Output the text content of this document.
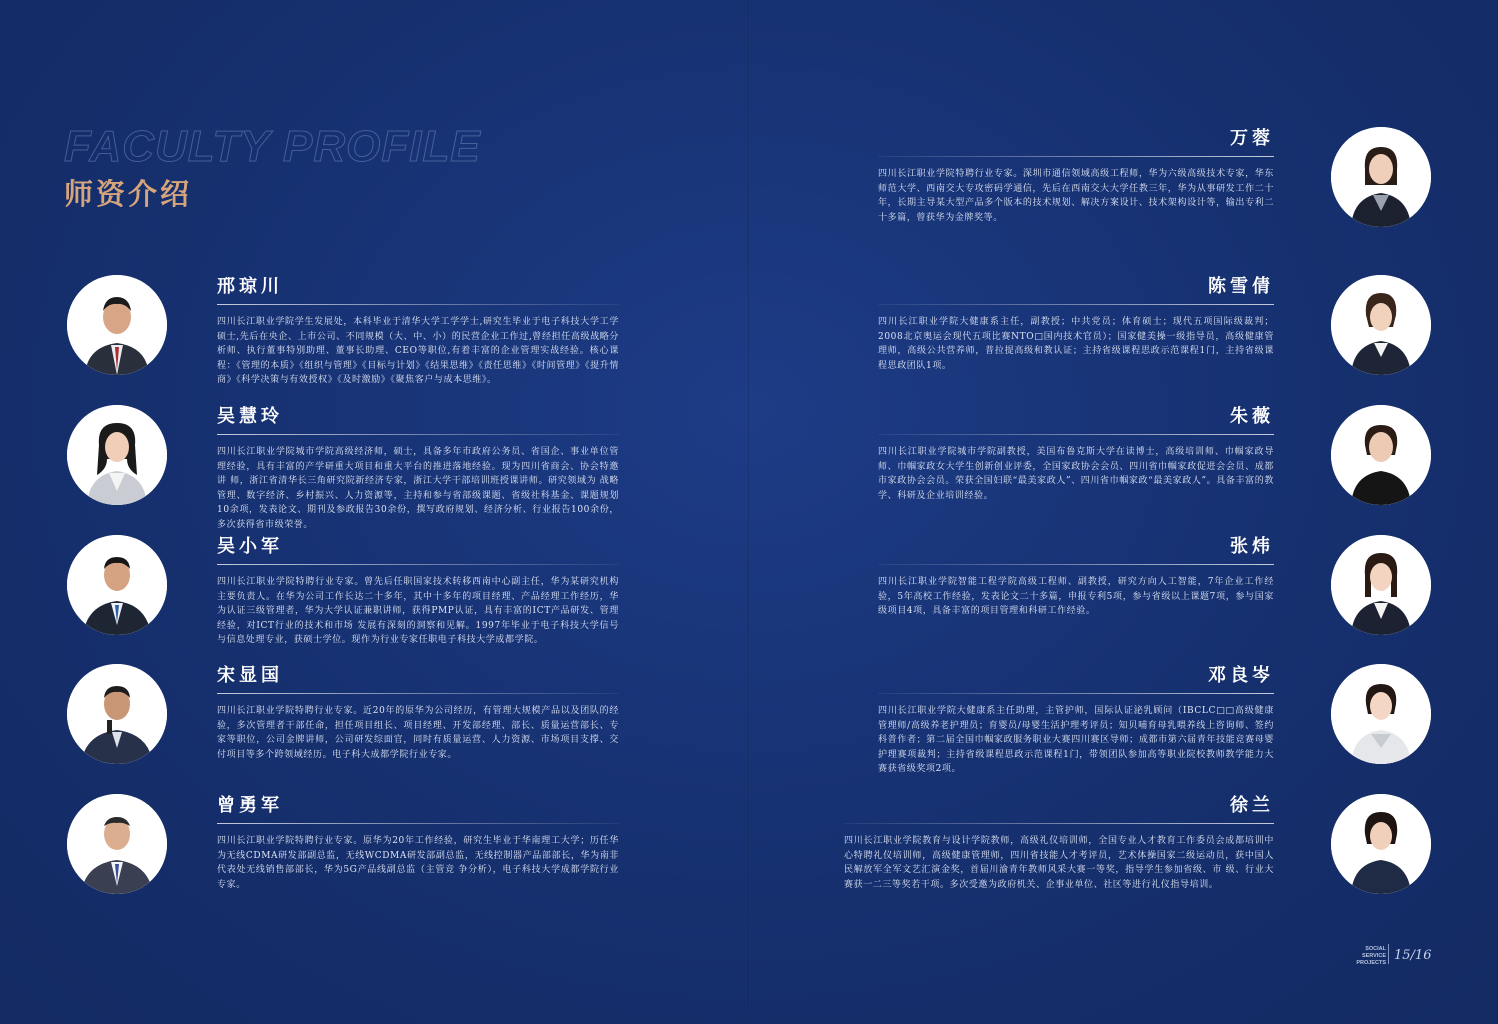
FACULTY PROFILE
师资介绍
邢琼川
四川长江职业学院学生发展处，本科毕业于清华大学工学学士,研究生毕业于电子科技大学工学硕士,先后在央企、上市公司、不同规模（大、中、小）的民营企业工作过,曾经担任高级战略分析师、执行董事特别助理、董事长助理、CEO等职位,有着丰富的企业管理实战经验。核心课程：《管理的本质》《组织与管理》《目标与计划》《结果思维》《责任思维》《时间管理》《提升情商》《科学决策与有效授权》《及时激励》《聚焦客户与成本思维》。
吴慧玲
四川长江职业学院城市学院高级经济师，硕士，具备多年市政府公务员、省国企、事业单位管理经验，具有丰富的产学研重大项目和重大平台的推进落地经验。现为四川省商会、协会特邀讲 师，浙江省清华长三角研究院新经济专家，浙江大学干部培训班授课讲师。研究领域为 战略管理、数字经济、乡村振兴、人力资源等，主持和参与省部级课题、省级社科基金、课题规划10余项，发表论文、期刊及参政报告30余份，撰写政府规划、经济分析、行业报告100余份，多次获得省市级荣誉。
吴小军
四川长江职业学院特聘行业专家。曾先后任职国家技术转移西南中心副主任，华为某研究机构主要负责人。在华为公司工作长达二十多年，其中十多年的项目经理、产品经理工作经历，华为认证三级管理者，华为大学认证兼职讲师，获得PMP认证，具有丰富的ICT产品研发、管理经验，对ICT行业的技术和市场 发展有深刻的洞察和见解。1997年毕业于电子科技大学信号与信息处理专业，获硕士学位。现作为行业专家任职电子科技大学成都学院。
宋显国
四川长江职业学院特聘行业专家。近20年的原华为公司经历，有管理大规模产品以及团队的经验，多次管理者干部任命，担任项目组长、项目经理、开发部经理、部长、质量运营部长、专家等职位，公司金牌讲师，公司研发综面官，同时有质量运营、人力资源、市场项目支撑、交付项目等多个跨领域经历。电子科大成都学院行业专家。
曾勇军
四川长江职业学院特聘行业专家。原华为20年工作经验，研究生毕业于华南理工大学；历任华为无线CDMA研发部副总监，无线WCDMA研发部副总监，无线控制器产品部部长，华为南非代表处无线销售部部长，华为5G产品线副总监（主管竞 争分析），电子科技大学成都学院行业专家。
万蓉
四川长江职业学院特聘行业专家。深圳市通信领域高级工程师，华为六级高级技术专家，华东师范大学、西南交大专攻密码学通信，先后在西南交大大学任教三年，华为从事研发工作二十年，长期主导某大型产品多个版本的技术规划、解决方案设计、技术架构设计等，输出专利二十多篇，曾获华为金牌奖等。
陈雪倩
四川长江职业学院大健康系主任，副教授；中共党员；体育硕士；现代五项国际级裁判；2008北京奥运会现代五项比赛NTO□国内技术官员）；国家健美操一级指导员，高级健康管理师，高级公共营养师，普拉提高级和教认证；主持省级课程思政示范课程1门，主持省级课程思政团队1项。
朱薇
四川长江职业学院城市学院副教授，美国布鲁克斯大学在读博士，高级培训师、巾帼家政导师、巾帼家政女大学生创新创业评委，全国家政协会会员、四川省巾帼家政促进会会员、成都市家政协会会员。荣获全国妇联“最美家政人”、四川省巾帼家政“最美家政人”。具备丰富的教学、科研及企业培训经验。
张炜
四川长江职业学院智能工程学院高级工程师、副教授，研究方向人工智能，7年企业工作经验，5年高校工作经验，发表论文二十多篇，申报专利5项，参与省级以上课题7项，参与国家级项目4项，具备丰富的项目管理和科研工作经验。
邓良岑
四川长江职业学院大健康系主任助理，主管护师，国际认证泌乳顾问（IBCLC□□高级健康管理师/高级养老护理员；育婴员/母婴生活护理考评员；知贝哺育母乳喂养线上咨询师、签约科普作者；第二届全国巾帼家政服务职业大赛四川赛区导师；成都市第六届青年技能竞赛母婴护理赛项裁判；主持省级课程思政示范课程1门，带领团队参加高等职业院校教师教学能力大赛获省级奖项2项。
徐兰
四川长江职业学院教育与设计学院教师，高级礼仪培训师，全国专业人才教育工作委员会成都培训中心特聘礼仪培训师，高级健康管理师，四川省技能人才考评员，艺术体操国家二级运动员，获中国人民解放军全军文艺汇演金奖，首届川渝青年教师风采大赛一等奖，指导学生参加省级、市 级、行业大赛获一二三等奖若干项。多次受邀为政府机关、企事业单位、社区等进行礼仪指导培训。
SOCIAL SERVICE
PROJECTS 15/16
